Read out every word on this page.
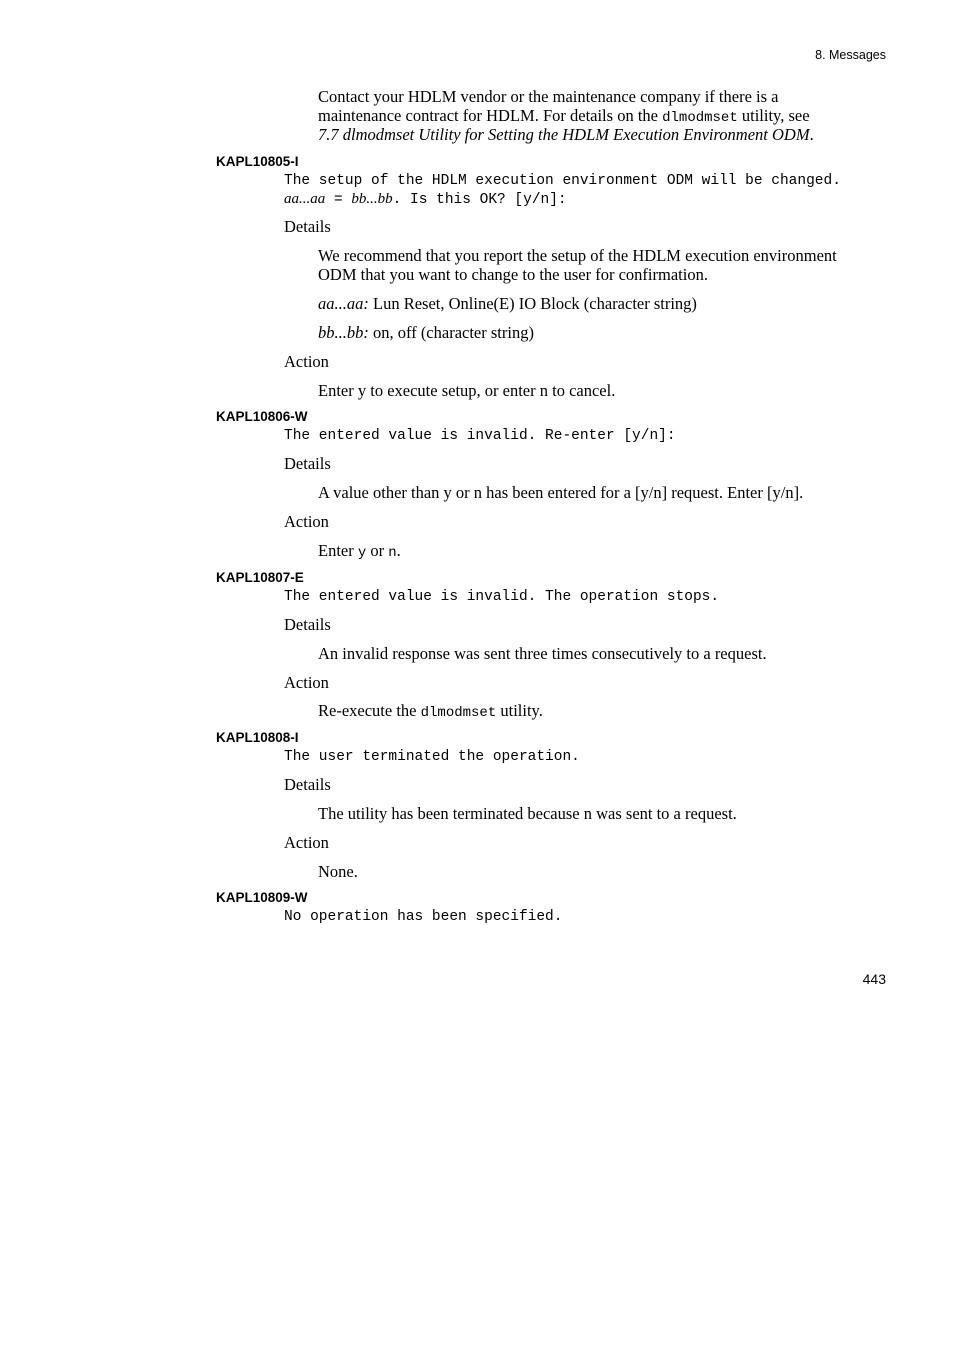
8. Messages
Contact your HDLM vendor or the maintenance company if there is a
maintenance contract for HDLM. For details on the dlmodmset utility, see
7.7 dlmodmset Utility for Setting the HDLM Execution Environment ODM.
KAPL10805-I
The setup of the HDLM execution environment ODM will be changed.
aa...aa = bb...bb. Is this OK? [y/n]:
Details
We recommend that you report the setup of the HDLM execution environment
ODM that you want to change to the user for confirmation.
aa...aa: Lun Reset, Online(E) IO Block (character string)
bb...bb: on, off (character string)
Action
Enter y to execute setup, or enter n to cancel.
KAPL10806-W
The entered value is invalid. Re-enter [y/n]:
Details
A value other than y or n has been entered for a [y/n] request. Enter [y/n].
Action
Enter y or n.
KAPL10807-E
The entered value is invalid. The operation stops.
Details
An invalid response was sent three times consecutively to a request.
Action
Re-execute the dlmodmset utility.
KAPL10808-I
The user terminated the operation.
Details
The utility has been terminated because n was sent to a request.
Action
None.
KAPL10809-W
No operation has been specified.
443
